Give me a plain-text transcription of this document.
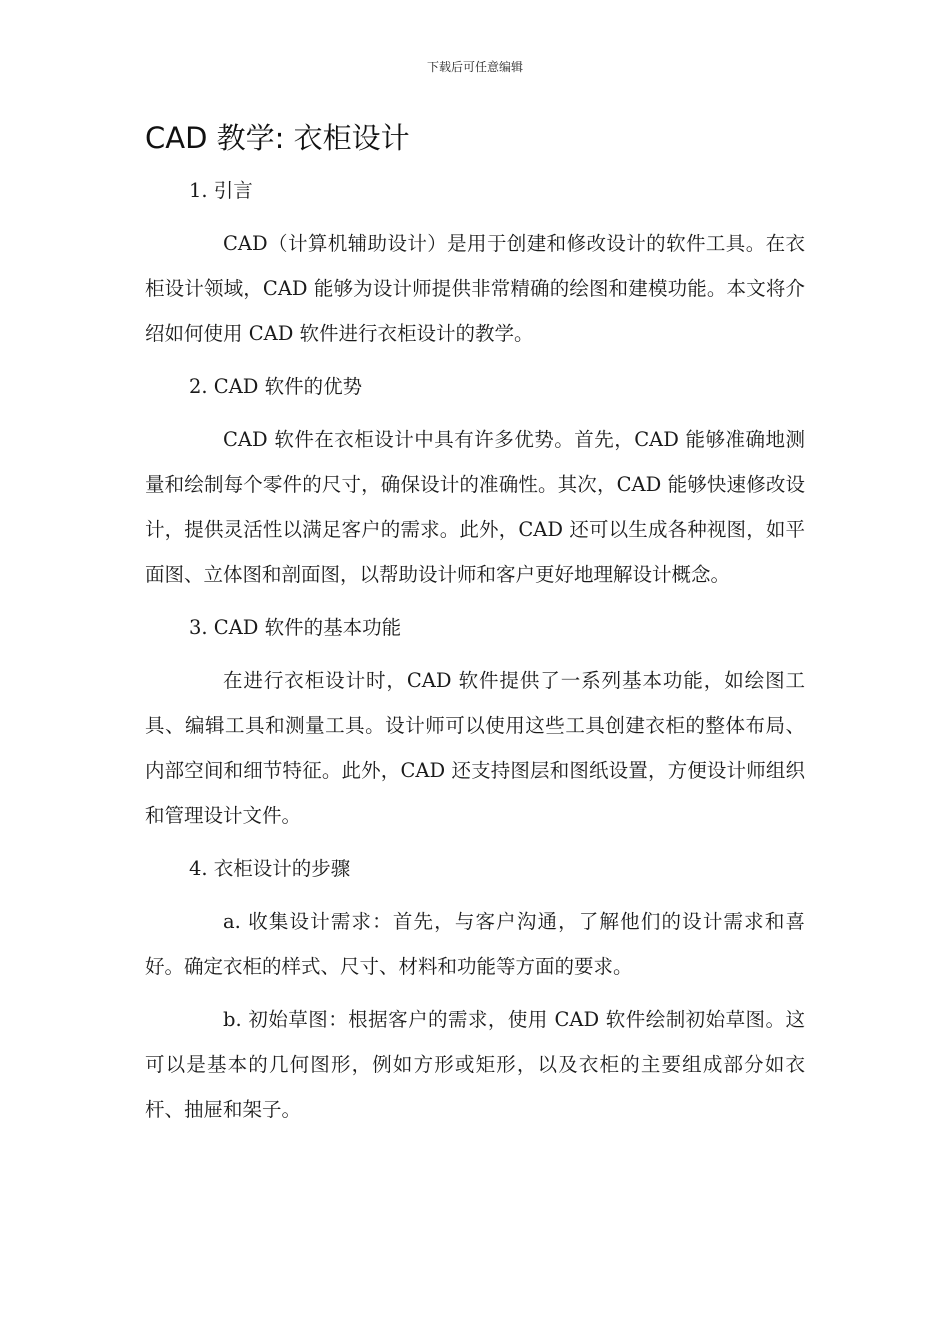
下载后可任意编辑
CAD 教学: 衣柜设计

1. 引言

CAD（计算机辅助设计）是用于创建和修改设计的软件工具。在衣柜设计领域，CAD 能够为设计师提供非常精确的绘图和建模功能。本文将介绍如何使用 CAD 软件进行衣柜设计的教学。

2. CAD 软件的优势

CAD 软件在衣柜设计中具有许多优势。首先，CAD 能够准确地测量和绘制每个零件的尺寸，确保设计的准确性。其次，CAD 能够快速修改设计，提供灵活性以满足客户的需求。此外，CAD 还可以生成各种视图，如平面图、立体图和剖面图，以帮助设计师和客户更好地理解设计概念。

3. CAD 软件的基本功能

在进行衣柜设计时，CAD 软件提供了一系列基本功能，如绘图工具、编辑工具和测量工具。设计师可以使用这些工具创建衣柜的整体布局、内部空间和细节特征。此外，CAD 还支持图层和图纸设置，方便设计师组织和管理设计文件。

4. 衣柜设计的步骤

a. 收集设计需求：首先，与客户沟通，了解他们的设计需求和喜好。确定衣柜的样式、尺寸、材料和功能等方面的要求。

b. 初始草图：根据客户的需求，使用 CAD 软件绘制初始草图。这可以是基本的几何图形，例如方形或矩形，以及衣柜的主要组成部分如衣杆、抽屉和架子。
